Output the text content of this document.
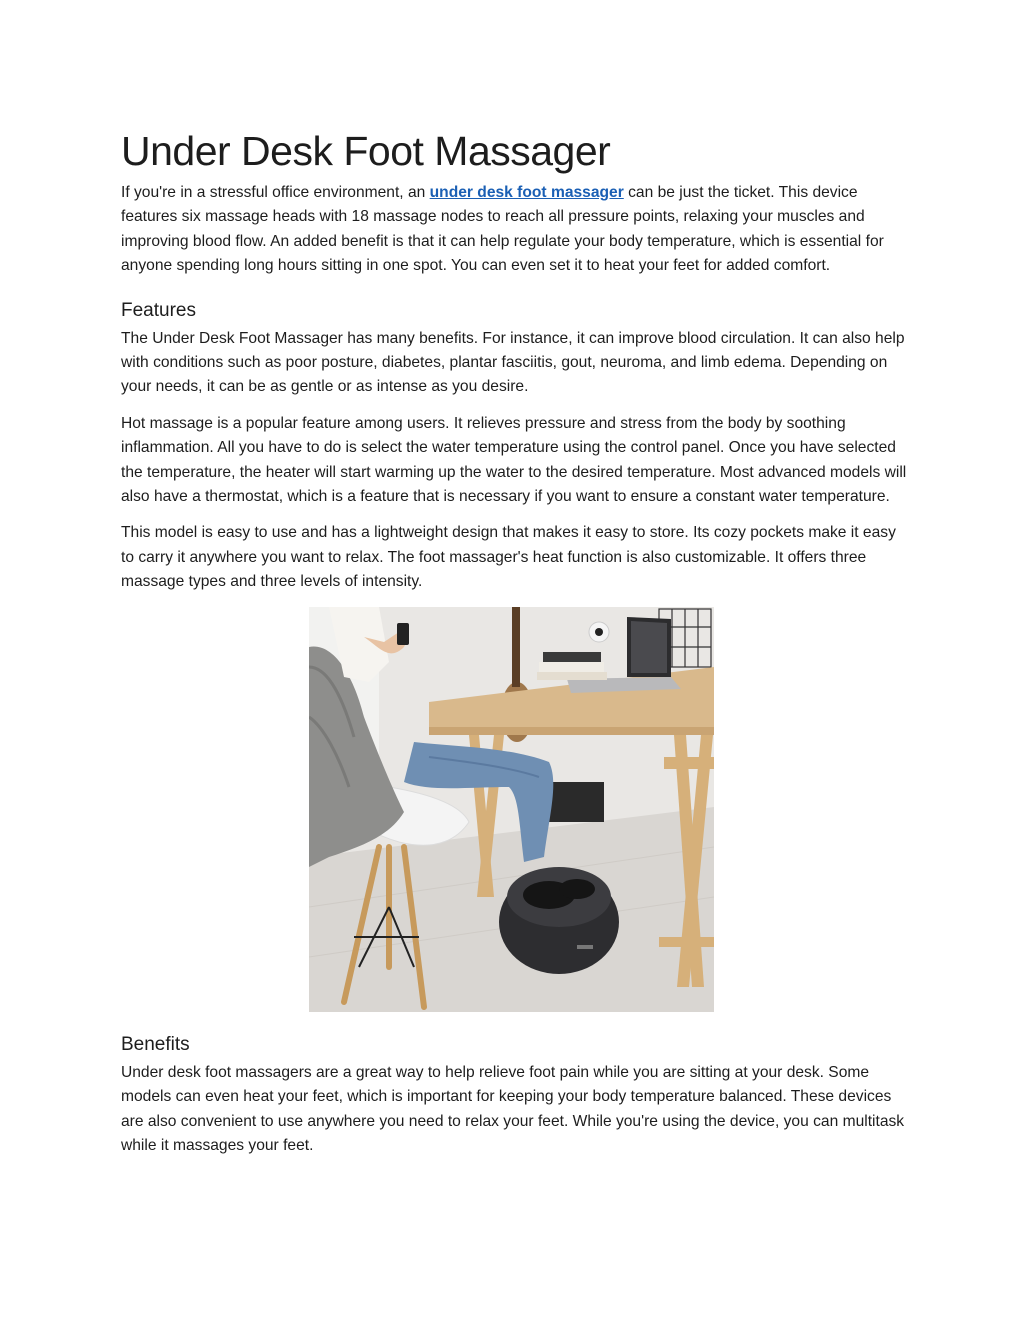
Under Desk Foot Massager

If you're in a stressful office environment, an under desk foot massager can be just the ticket. This device features six massage heads with 18 massage nodes to reach all pressure points, relaxing your muscles and improving blood flow. An added benefit is that it can help regulate your body temperature, which is essential for anyone spending long hours sitting in one spot. You can even set it to heat your feet for added comfort.

Features

The Under Desk Foot Massager has many benefits. For instance, it can improve blood circulation. It can also help with conditions such as poor posture, diabetes, plantar fasciitis, gout, neuroma, and limb edema. Depending on your needs, it can be as gentle or as intense as you desire.

Hot massage is a popular feature among users. It relieves pressure and stress from the body by soothing inflammation. All you have to do is select the water temperature using the control panel. Once you have selected the temperature, the heater will start warming up the water to the desired temperature. Most advanced models will also have a thermostat, which is a feature that is necessary if you want to ensure a constant water temperature.

This model is easy to use and has a lightweight design that makes it easy to store. Its cozy pockets make it easy to carry it anywhere you want to relax. The foot massager's heat function is also customizable. It offers three massage types and three levels of intensity.

Benefits

Under desk foot massagers are a great way to help relieve foot pain while you are sitting at your desk. Some models can even heat your feet, which is important for keeping your body temperature balanced. These devices are also convenient to use anywhere you need to relax your feet. While you're using the device, you can multitask while it massages your feet.
